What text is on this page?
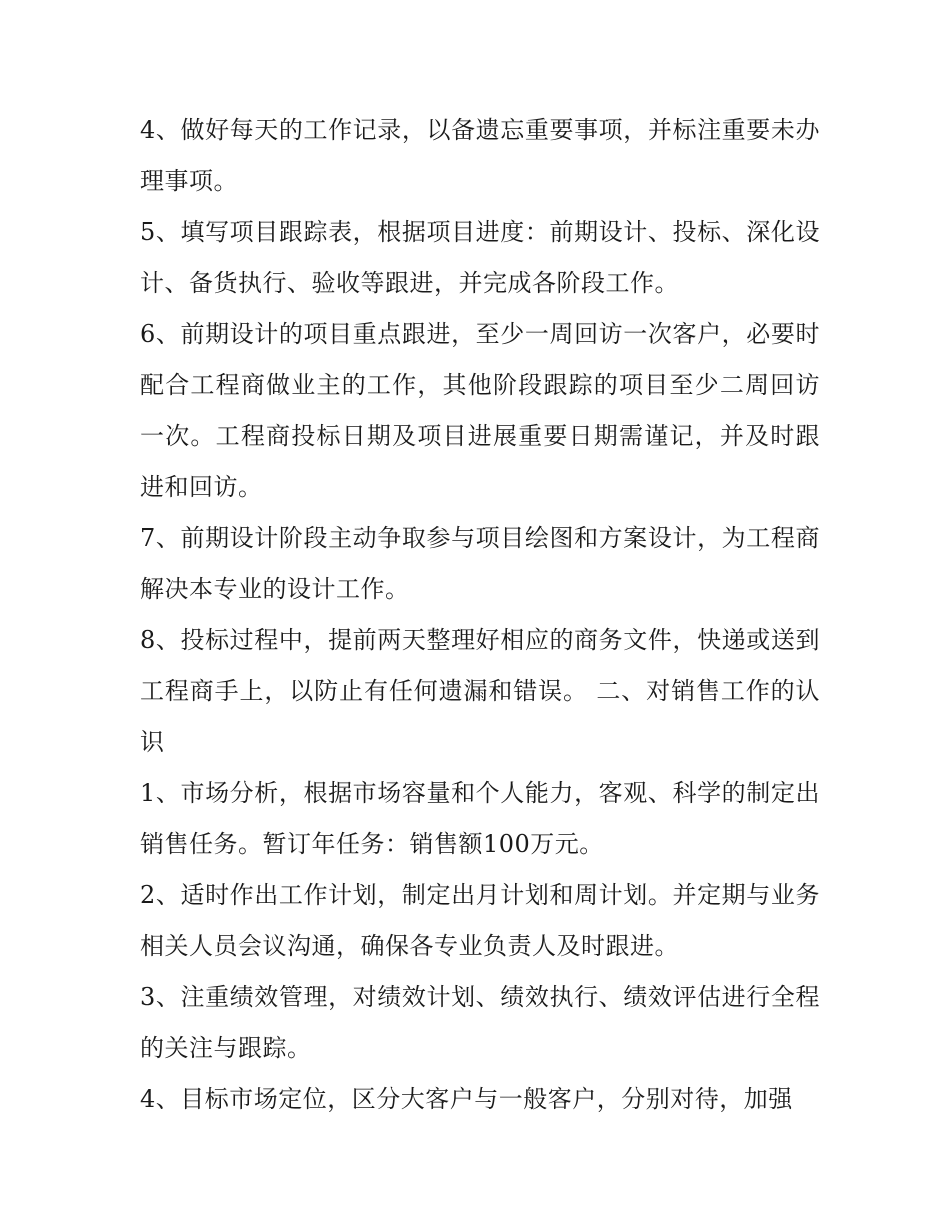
4、做好每天的工作记录，以备遗忘重要事项，并标注重要未办理事项。

5、填写项目跟踪表，根据项目进度：前期设计、投标、深化设计、备货执行、验收等跟进，并完成各阶段工作。

6、前期设计的项目重点跟进，至少一周回访一次客户，必要时配合工程商做业主的工作，其他阶段跟踪的项目至少二周回访一次。工程商投标日期及项目进展重要日期需谨记，并及时跟进和回访。

7、前期设计阶段主动争取参与项目绘图和方案设计，为工程商解决本专业的设计工作。

8、投标过程中，提前两天整理好相应的商务文件，快递或送到工程商手上，以防止有任何遗漏和错误。 二、对销售工作的认识

1、市场分析，根据市场容量和个人能力，客观、科学的制定出销售任务。暂订年任务：销售额100万元。

2、适时作出工作计划，制定出月计划和周计划。并定期与业务相关人员会议沟通，确保各专业负责人及时跟进。

3、注重绩效管理，对绩效计划、绩效执行、绩效评估进行全程的关注与跟踪。

4、目标市场定位，区分大客户与一般客户，分别对待，加强
